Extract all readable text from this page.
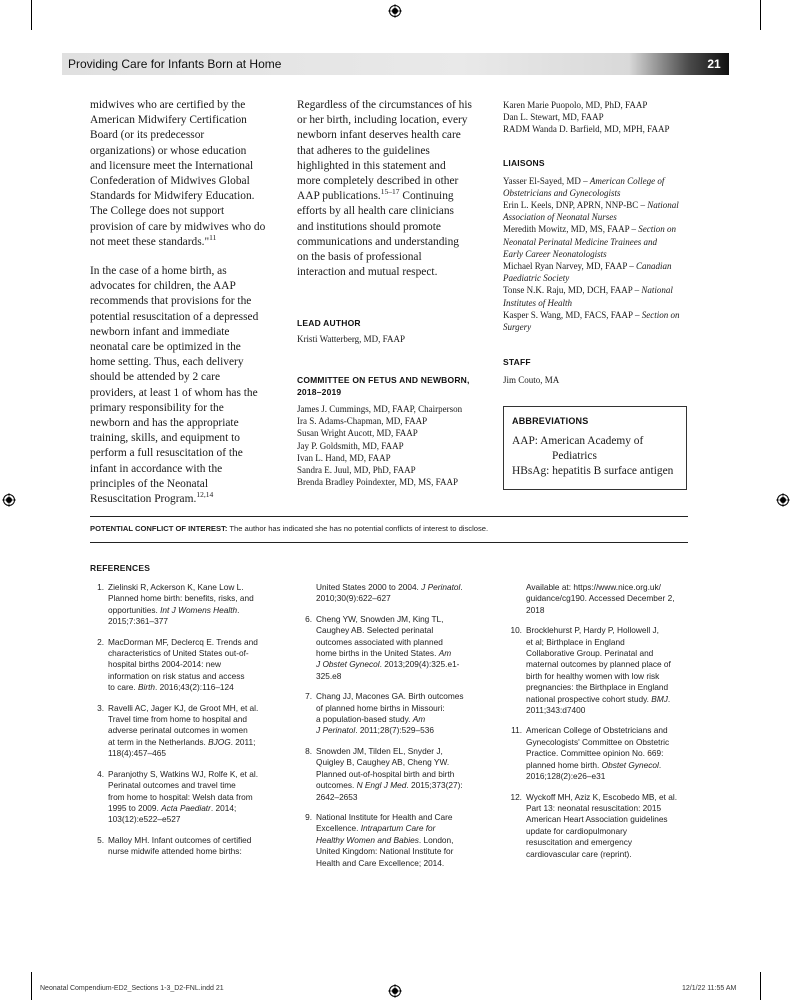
Providing Care for Infants Born at Home	21

midwives who are certified by the
American Midwifery Certification
Board (or its predecessor
organizations) or whose education
and licensure meet the International
Confederation of Midwives Global
Standards for Midwifery Education.
The College does not support
provision of care by midwives who do
not meet these standards."$^{11}$

In the case of a home birth, as
advocates for children, the AAP
recommends that provisions for the
potential resuscitation of a depressed
newborn infant and immediate
neonatal care be optimized in the
home setting. Thus, each delivery
should be attended by 2 care
providers, at least 1 of whom has the
primary responsibility for the
newborn and has the appropriate
training, skills, and equipment to
perform a full resuscitation of the
infant in accordance with the
principles of the Neonatal
Resuscitation Program.$^{12,14}$

Regardless of the circumstances of his
or her birth, including location, every
newborn infant deserves health care
that adheres to the guidelines
highlighted in this statement and
more completely described in other
AAP publications.$^{15-17}$ Continuing
efforts by all health care clinicians
and institutions should promote
communications and understanding
on the basis of professional
interaction and mutual respect.

LEAD AUTHOR
Kristi Watterberg, MD, FAAP
COMMITTEE ON FETUS AND NEWBORN,
2018–2019
James J. Cummings, MD, FAAP, Chairperson
Ira S. Adams-Chapman, MD, FAAP
Susan Wright Aucott, MD, FAAP
Jay P. Goldsmith, MD, FAAP
Ivan L. Hand, MD, FAAP
Sandra E. Juul, MD, PhD, FAAP
Brenda Bradley Poindexter, MD, MS, FAAP
Karen Marie Puopolo, MD, PhD, FAAP
Dan L. Stewart, MD, FAAP
RADM Wanda D. Barfield, MD, MPH, FAAP
LIAISONS
Yasser El-Sayed, MD – American College of
Obstetricians and Gynecologists
Erin L. Keels, DNP, APRN, NNP-BC – National
Association of Neonatal Nurses
Meredith Mowitz, MD, MS, FAAP – Section on
Neonatal Perinatal Medicine Trainees and
Early Career Neonatologists
Michael Ryan Narvey, MD, FAAP – Canadian
Paediatric Society
Tonse N.K. Raju, MD, DCH, FAAP – National
Institutes of Health
Kasper S. Wang, MD, FACS, FAAP – Section on
Surgery
STAFF
Jim Couto, MA
ABBREVIATIONS
AAP: American Academy of
Pediatrics
HBsAg: hepatitis B surface antigen
POTENTIAL CONFLICT OF INTEREST: The author has indicated she has no potential conflicts of interest to disclose.
REFERENCES
1. Zielinski R, Ackerson K, Kane Low L.
Planned home birth: benefits, risks, and
opportunities. Int J Womens Health.
2015;7:361–377
2. MacDorman MF, Declercq E. Trends and
characteristics of United States out-of-
hospital births 2004-2014: new
information on risk status and access
to care. Birth. 2016;43(2):116–124
3. Ravelli AC, Jager KJ, de Groot MH, et al.
Travel time from home to hospital and
adverse perinatal outcomes in women
at term in the Netherlands. BJOG. 2011;
118(4):457–465
4. Paranjothy S, Watkins WJ, Rolfe K, et al.
Perinatal outcomes and travel time
from home to hospital: Welsh data from
1995 to 2009. Acta Paediatr. 2014;
103(12):e522–e527
5. Malloy MH. Infant outcomes of certified
nurse midwife attended home births:
United States 2000 to 2004. J Perinatol.
2010;30(9):622–627
6. Cheng YW, Snowden JM, King TL,
Caughey AB. Selected perinatal
outcomes associated with planned
home births in the United States. Am
J Obstet Gynecol. 2013;209(4):325.e1-
325.e8
7. Chang JJ, Macones GA. Birth outcomes
of planned home births in Missouri:
a population-based study. Am
J Perinatol. 2011;28(7):529–536
8. Snowden JM, Tilden EL, Snyder J,
Quigley B, Caughey AB, Cheng YW.
Planned out-of-hospital birth and birth
outcomes. N Engl J Med. 2015;373(27):
2642–2653
9. National Institute for Health and Care
Excellence. Intrapartum Care for
Healthy Women and Babies. London,
United Kingdom: National Institute for
Health and Care Excellence; 2014.
Available at: https://www.nice.org.uk/
guidance/cg190. Accessed December 2,
2018
10. Brocklehurst P, Hardy P, Hollowell J,
et al; Birthplace in England
Collaborative Group. Perinatal and
maternal outcomes by planned place of
birth for healthy women with low risk
pregnancies: the Birthplace in England
national prospective cohort study. BMJ.
2011;343:d7400
11. American College of Obstetricians and
Gynecologists' Committee on Obstetric
Practice. Committee opinion No. 669:
planned home birth. Obstet Gynecol.
2016;128(2):e26–e31
12. Wyckoff MH, Aziz K, Escobedo MB, et al.
Part 13: neonatal resuscitation: 2015
American Heart Association guidelines
update for cardiopulmonary
resuscitation and emergency
cardiovascular care (reprint).
Neonatal Compendium-ED2_Sections 1-3_D2-FNL.indd 21	12/1/22 11:55 AM
